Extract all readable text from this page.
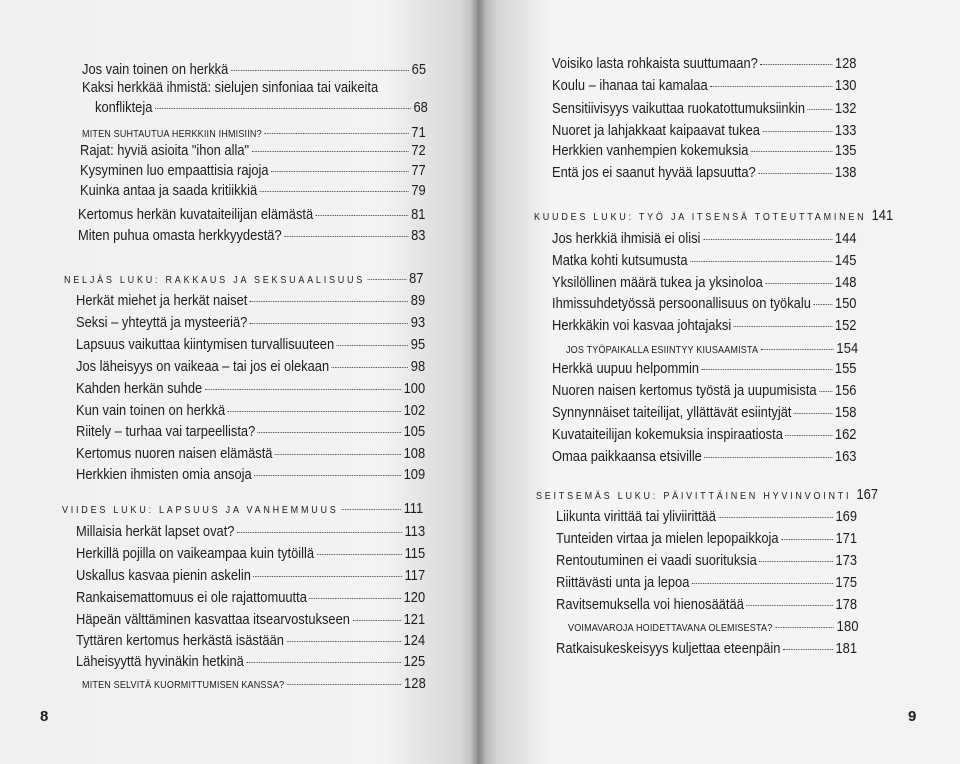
Jos vain toinen on herkkä	65
Kaksi herkkää ihmistä: sielujen sinfoniaa tai vaikeita
konflikteja	68
MITEN SUHTAUTUA HERKKIIN IHMISIIN?	71
Rajat: hyviä asioita "ihon alla"	72
Kysyminen luo empaattisia rajoja	77
Kuinka antaa ja saada kritiikkiä	79
Kertomus herkän kuvataiteilijan elämästä	81
Miten puhua omasta herkkyydestä?	83
NELJÄS LUKU: RAKKAUS JA SEKSUAALISUUS	87
Herkät miehet ja herkät naiset	89
Seksi – yhteyttä ja mysteeriä?	93
Lapsuus vaikuttaa kiintymisen turvallisuuteen	95
Jos läheisyys on vaikeaa – tai jos ei olekaan	98
Kahden herkän suhde	100
Kun vain toinen on herkkä	102
Riitely – turhaa vai tarpeellista?	105
Kertomus nuoren naisen elämästä	108
Herkkien ihmisten omia ansoja	109
VIIDES LUKU: LAPSUUS JA VANHEMMUUS	111
Millaisia herkät lapset ovat?	113
Herkillä pojilla on vaikeampaa kuin tytöillä	115
Uskallus kasvaa pienin askelin	117
Rankaisemattomuus ei ole rajattomuutta	120
Häpeän välttäminen kasvattaa itsearvostukseen	121
Tyttären kertomus herkästä isästään	124
Läheisyyttä hyvinäkin hetkinä	125
MITEN SELVITÄ KUORMITTUMISEN KANSSA?	128
8
Voisiko lasta rohkaista suuttumaan?	128
Koulu – ihanaa tai kamalaa	130
Sensitiivisyys vaikuttaa ruokatottumuksiinkin 132
Nuoret ja lahjakkaat kaipaavat tukea	133
Herkkien vanhempien kokemuksia	135
Entä jos ei saanut hyvää lapsuutta?	138
KUUDES LUKU: TYÖ JA ITSENSÄ TOTEUTTAMINEN 141
Jos herkkiä ihmisiä ei olisi	144
Matka kohti kutsumusta	145
Yksilöllinen määrä tukea ja yksinoloa	148
Ihmissuhdetyössä persoonallisuus on työkalu 150
Herkkäkin voi kasvaa johtajaksi	152
JOS TYÖPAIKALLA ESIINTYY KIUSAAMISTA	154
Herkkä uupuu helpommin	155
Nuoren naisen kertomus työstä ja uupumisista 156
Synnynnäiset taiteilijat, yllättävät esiintyjät	158
Kuvataiteilijan kokemuksia inspiraatiosta	162
Omaa paikkaansa etsiville	163
SEITSEMÄS LUKU: PÄIVITTÄINEN HYVINVOINTI 167
Liikunta virittää tai yliviirittää	169
Tunteiden virtaa ja mielen lepopaikkoja	171
Rentoutuminen ei vaadi suorituksia	173
Riittävästi unta ja lepoa	175
Ravitsemuksella voi hienosäätää	178
VOIMAVAROJA HOIDETTAVANA OLEMISESTA?	180
Ratkaisukeskeisyys kuljettaa eteenpäin	181
9
